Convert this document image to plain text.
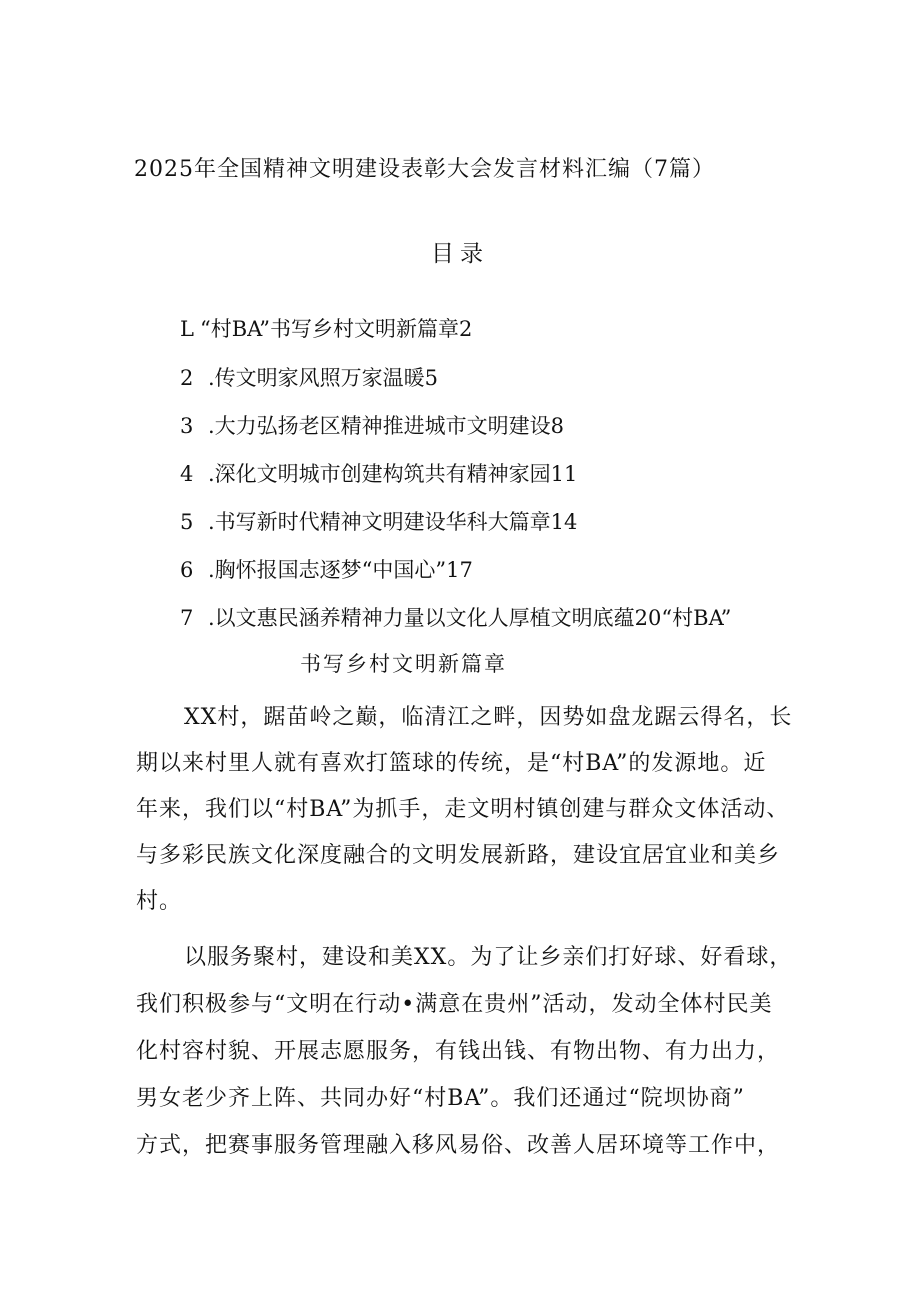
2025年全国精神文明建设表彰大会发言材料汇编（7篇）
目录
L “村BA”书写乡村文明新篇章2
2 .传文明家风照万家温暖5
3 .大力弘扬老区精神推进城市文明建设8
4 .深化文明城市创建构筑共有精神家园11
5 .书写新时代精神文明建设华科大篇章14
6 .胸怀报国志逐梦“中国心”17
7 .以文惠民涵养精神力量以文化人厚植文明底蕴20“村BA”
书写乡村文明新篇章
XX村，踞苗岭之巅，临清江之畔，因势如盘龙踞云得名，长
期以来村里人就有喜欢打篮球的传统，是“村BA”的发源地。近
年来，我们以“村BA”为抓手，走文明村镇创建与群众文体活动、
与多彩民族文化深度融合的文明发展新路，建设宜居宜业和美乡
村。
以服务聚村，建设和美XX。为了让乡亲们打好球、好看球，
我们积极参与“文明在行动•满意在贵州”活动，发动全体村民美
化村容村貌、开展志愿服务，有钱出钱、有物出物、有力出力，
男女老少齐上阵、共同办好“村BA”。我们还通过“院坝协商”
方式，把赛事服务管理融入移风易俗、改善人居环境等工作中，
